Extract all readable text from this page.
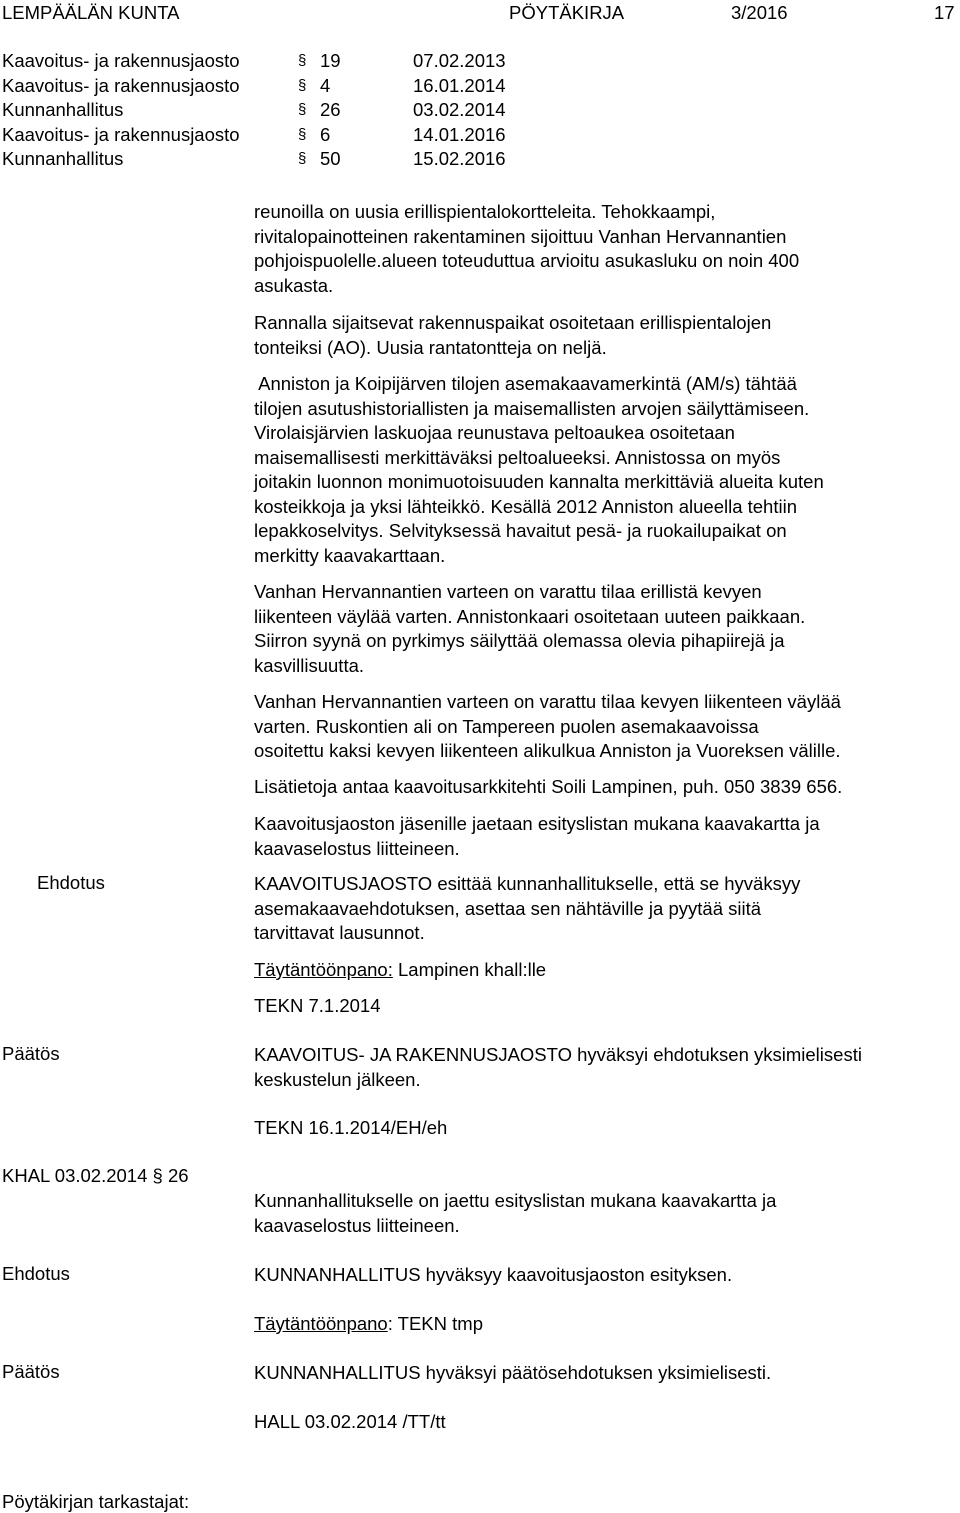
LEMPÄÄLÄN KUNTA	PÖYTÄKIRJA	3/2016	17
Kaavoitus- ja rakennusjaosto	§ 19	07.02.2013
Kaavoitus- ja rakennusjaosto	§ 4	16.01.2014
Kunnanhallitus	§ 26	03.02.2014
Kaavoitus- ja rakennusjaosto	§ 6	14.01.2016
Kunnanhallitus	§ 50	15.02.2016
reunoilla on uusia erillispientalokortteleita. Tehokkaampi,
rivitalopainotteinen rakentaminen sijoittuu Vanhan Hervannantien
pohjoispuolelle.alueen toteuduttua arvioitu asukasluku on noin 400
asukasta.
Rannalla sijaitsevat rakennuspaikat osoitetaan erillispientalojen
tonteiksi (AO). Uusia rantatontteja on neljä.
Anniston ja Koipijärven tilojen asemakaavamerkintä (AM/s) tähtää
tilojen asutushistoriallisten ja maisemallisten arvojen säilyttämiseen.
Virolaisjärvien laskuojaa reunustava peltoaukea osoitetaan
maisemallisesti merkittäväksi peltoalueeksi. Annistossa on myös
joitakin luonnon monimuotoisuuden kannalta merkittäviä alueita kuten
kosteikkoja ja yksi lähteikkö. Kesällä 2012 Anniston alueella tehtiin
lepakkoselvitys. Selvityksessä havaitut pesä- ja ruokailupaikat on
merkitty kaavakarttaan.
Vanhan Hervannantien varteen on varattu tilaa erillistä kevyen
liikenteen väylää varten. Annistonkaari osoitetaan uuteen paikkaan.
Siirron syynä on pyrkimys säilyttää olemassa olevia pihapiirejä ja
kasvillisuutta.
Vanhan Hervannantien varteen on varattu tilaa kevyen liikenteen väylää
varten. Ruskontien ali on Tampereen puolen asemakaavoissa
osoitettu kaksi kevyen liikenteen alikulkua Anniston ja Vuoreksen välille.
Lisätietoja antaa kaavoitusarkkitehti Soili Lampinen, puh. 050 3839 656.
Kaavoitusjaoston jäsenille jaetaan esityslistan mukana kaavakartta ja
kaavaselostus liitteineen.
Ehdotus	KAAVOITUSJAOSTO esittää kunnanhallitukselle, että se hyväksyy
asemakaavaehdotuksen, asettaa sen nähtäville ja pyytää siitä
tarvittavat lausunnot.
Täytäntöönpano: Lampinen khall:lle
TEKN 7.1.2014
Päätös	KAAVOITUS- JA RAKENNUSJAOSTO hyväksyi ehdotuksen yksimielisesti
keskustelun jälkeen.
TEKN 16.1.2014/EH/eh
KHAL 03.02.2014 § 26
Kunnanhallitukselle on jaettu esityslistan mukana kaavakartta ja
kaavaselostus liitteineen.
Ehdotus	KUNNANHALLITUS hyväksyy kaavoitusjaoston esityksen.
Täytäntöönpano: TEKN tmp
Päätös	KUNNANHALLITUS hyväksyi päätösehdotuksen yksimielisesti.
HALL 03.02.2014 /TT/tt
Pöytäkirjan tarkastajat:
